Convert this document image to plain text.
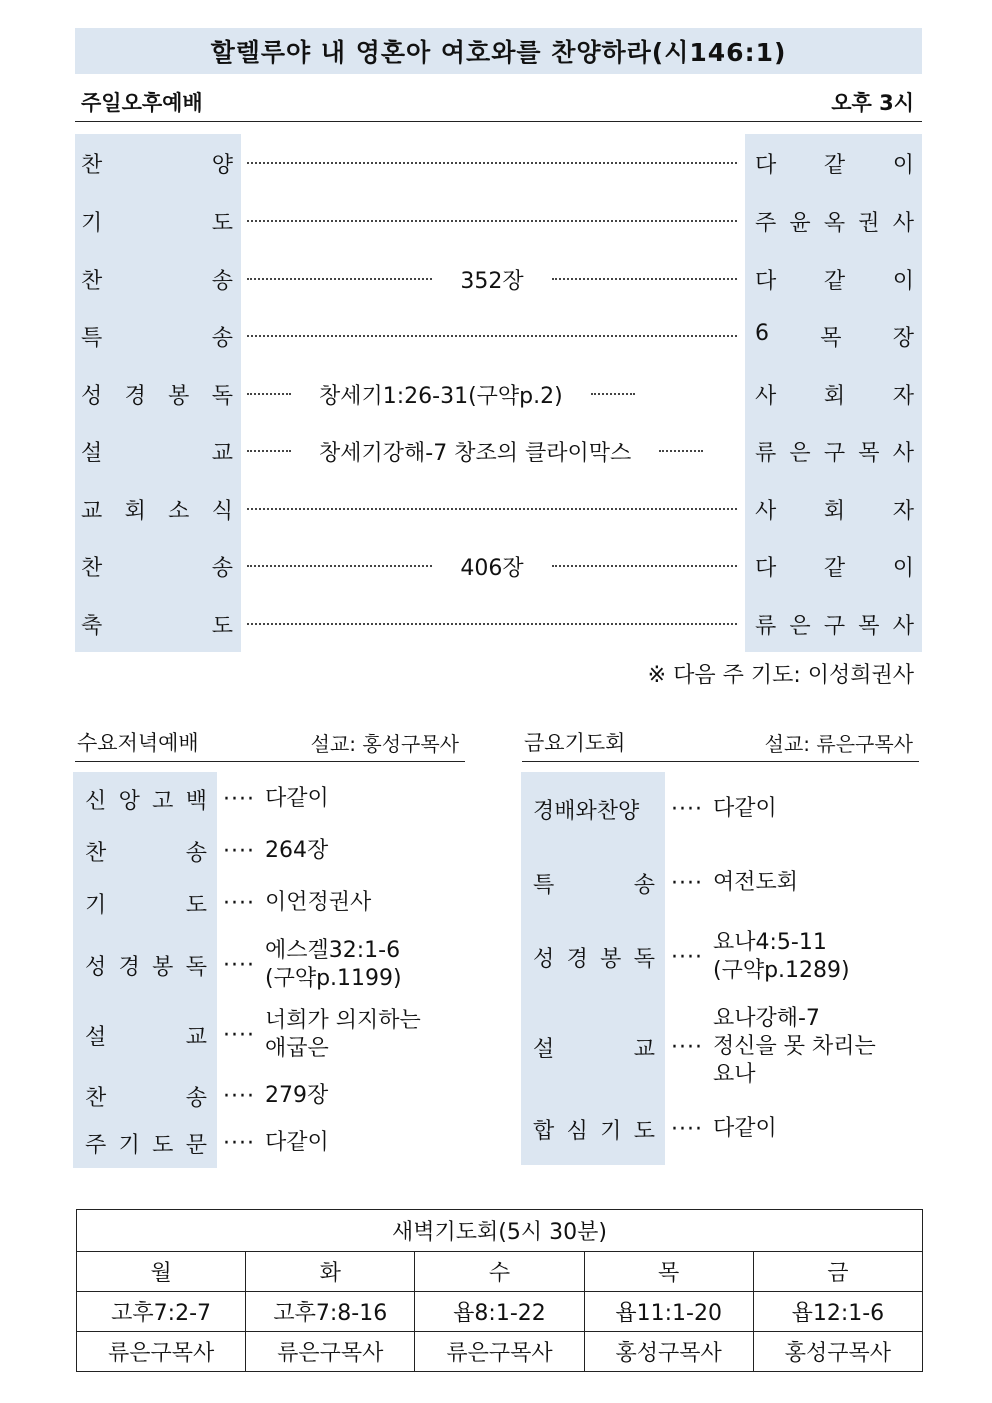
할렐루야 내 영혼아 여호와를 찬양하라(시146:1)
주일오후예배	오후 3시
찬	양	다 같 이
기	도	주 윤 옥 권 사
찬	송	352장	다 같 이
특	송	6 목 장
성 경 봉 독	창세기1:26-31(구약p.2)	사 회 자
설	교	창세기강해-7 창조의 클라이막스	류 은 구 목 사
교 회 소 식	사 회 자
찬	송	406장	다 같 이
축	도	류 은 구 목 사
※ 다음 주 기도: 이성희권사
수요저녁예배	설교: 홍성구목사	금요기도회	설교: 류은구목사
신 앙 고 백 ···· 다같이
찬	송 ···· 264장
기	도 ···· 이언정권사
성 경 봉 독 ····
에스겔32:1-6
(구약p.1199)
설	교 ····
너희가 의지하는
애굽은
찬	송 ···· 279장
주 기 도 문 ···· 다같이
경배와찬양 ···· 다같이
특	송 ···· 여전도회
성 경 봉 독 ····
요나4:5-11
(구약p.1289)
설	교 ····
요나강해-7
정신을 못 차리는
요나
합 심 기 도 ···· 다같이
새벽기도회(5시 30분)				
월	화	수	목	금
고후7:2-7	고후7:8-16	욥8:1-22	욥11:1-20	욥12:1-6
류은구목사	류은구목사	류은구목사	홍성구목사	홍성구목사
